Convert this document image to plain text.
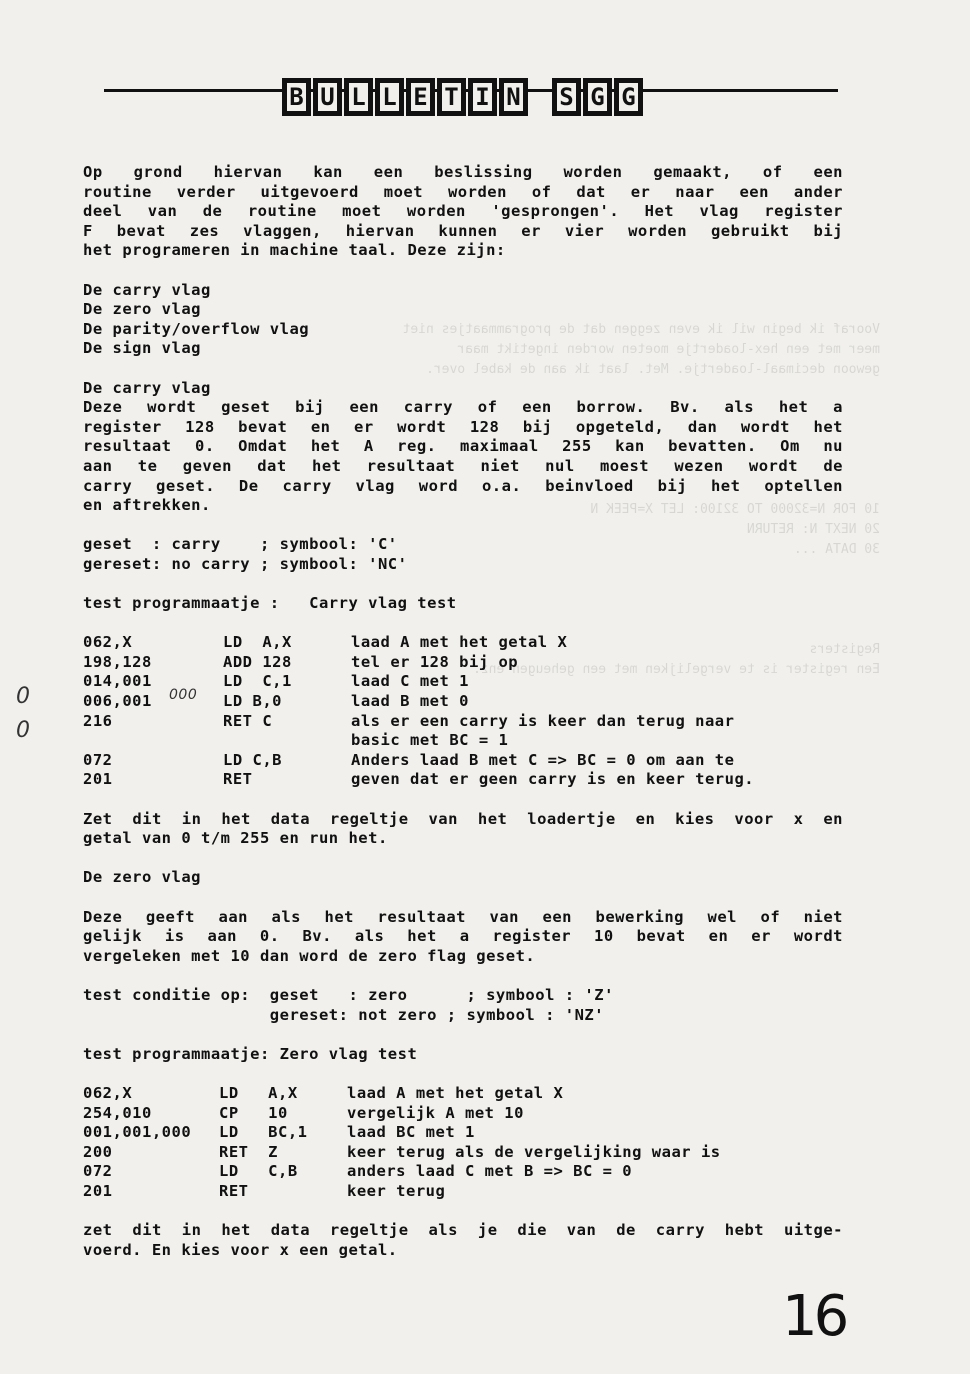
Vooraf ik begin wil ik even zeggen dat de programmaatjes niet
meer met een hex-loadertje moeten worden ingetikt maar
gewoon decimaal-loadertje. Met. laat ik aan de kabel over.
10 FOR N=32000 TO 32100: LET X=PEEK N
20 NEXT N: RETURN
30 DATA ...
Registers
Een register is te vergelijken met een geheugen enz.
B U L L E T I N	S G G
Op grond hiervan kan een beslissing worden gemaakt, of een
routine verder uitgevoerd moet worden of dat er naar een ander
deel van de routine moet worden 'gesprongen'. Het vlag register
F bevat zes vlaggen, hiervan kunnen er vier worden gebruikt bij
het programeren in machine taal. Deze zijn:
De carry vlag
De zero vlag
De parity/overflow vlag
De sign vlag
De carry vlag
Deze wordt geset bij een carry of een borrow. Bv. als het a
register 128 bevat en er wordt 128 bij opgeteld, dan wordt het
resultaat 0. Omdat het A reg. maximaal 255 kan bevatten. Om nu
aan te geven dat het resultaat niet nul moest wezen wordt de
carry geset. De carry vlag word o.a. beinvloed bij het optellen
en aftrekken.
geset  : carry    ; symbool: 'C'
gereset: no carry ; symbool: 'NC'
test programmaatje :   Carry vlag test
062,X	LD  A,X	laad A met het getal X
198,128	ADD 128	tel er 128 bij op
014,001	LD  C,1	laad C met 1
006,001	LD B,0	laad B met 0
000
216	RET C	als er een carry is keer dan terug naar
basic met BC = 1
072	LD C,B	Anders laad B met C => BC = 0 om aan te
201	RET	geven dat er geen carry is en keer terug.
Zet dit in het data regeltje van het loadertje en kies voor x en
getal van 0 t/m 255 en run het.
De zero vlag
Deze geeft aan als het resultaat van een bewerking wel of niet
gelijk is aan 0. Bv. als het a register 10 bevat en er wordt
vergeleken met 10 dan word de zero flag geset.
test conditie op:  geset   : zero      ; symbool : 'Z'
gereset: not zero ; symbool : 'NZ'
test programmaatje: Zero vlag test
062,X	LD   A,X	laad A met het getal X
254,010	CP   10	vergelijk A met 10
001,001,000	LD   BC,1	laad BC met 1
200	RET  Z	keer terug als de vergelijking waar is
072	LD   C,B	anders laad C met B => BC = 0
201	RET	keer terug
zet dit in het data regeltje als je die van de carry hebt uitge-
voerd. En kies voor x een getal.
0
0
16
